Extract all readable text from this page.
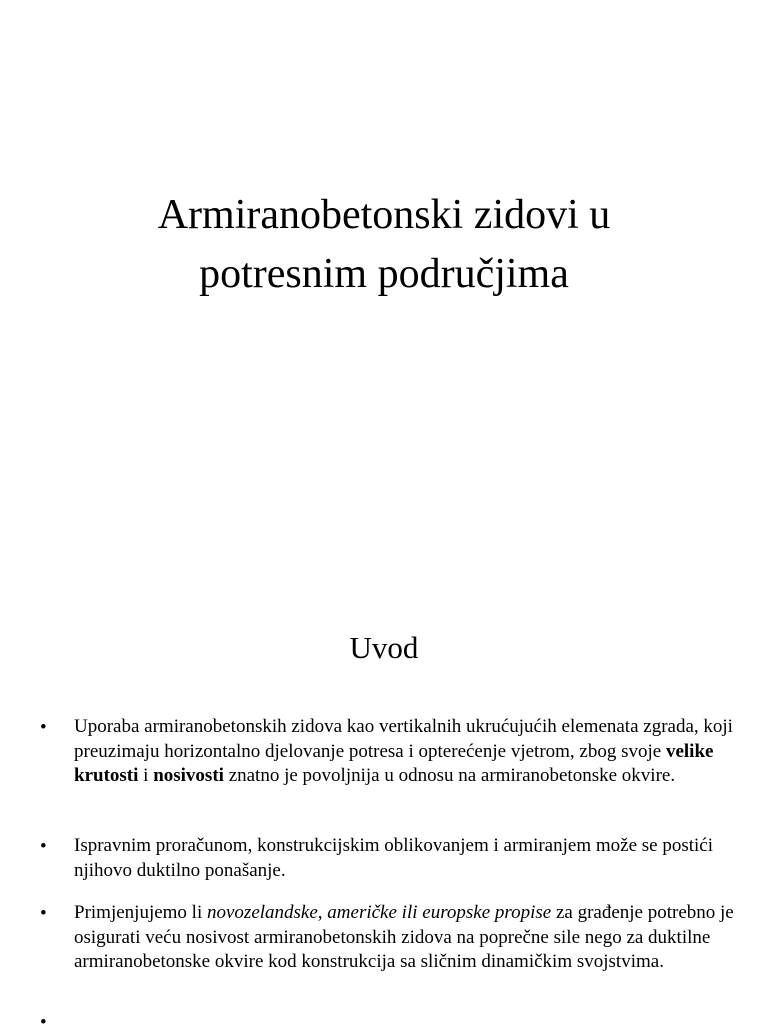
Armiranobetonski zidovi u
potresnim područjima
Uvod
• Uporaba armiranobetonskih zidova kao vertikalnih ukrućujućih elemenata zgrada, koji preuzimaju horizontalno djelovanje potresa i opterećenje vjetrom, zbog svoje velike krutosti i nosivosti znatno je povoljnija u odnosu na armiranobetonske okvire.
• Ispravnim proračunom, konstrukcijskim oblikovanjem i armiranjem može se postići njihovo duktilno ponašanje.
• Primjenjujemo li novozelandske, američke ili europske propise za građenje potrebno je osigurati veću nosivost armiranobetonskih zidova na poprečne sile nego za duktilne armiranobetonske okvire kod konstrukcija sa sličnim dinamičkim svojstvima.
•
